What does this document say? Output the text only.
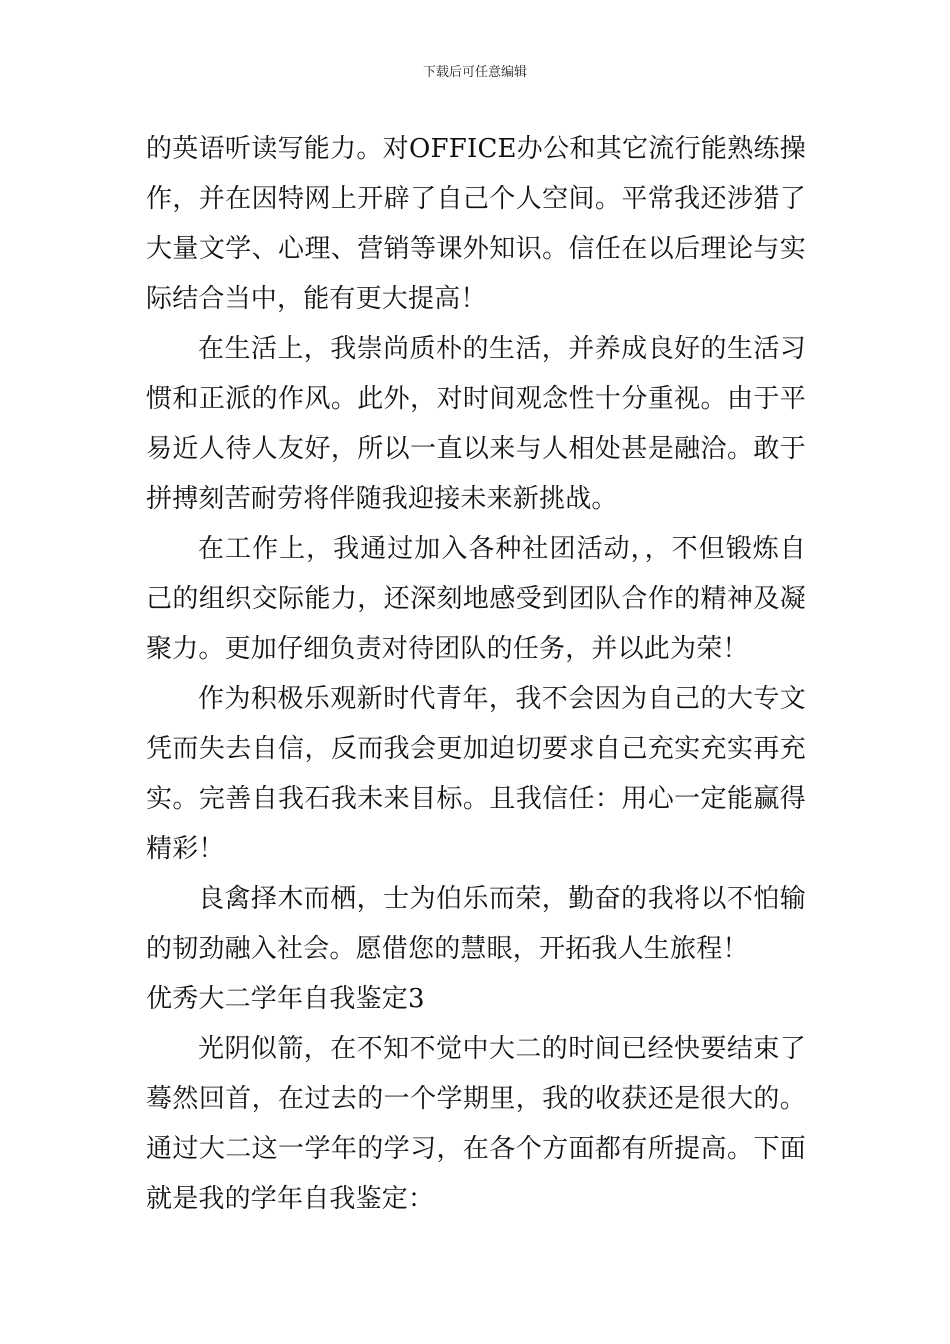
下载后可任意编辑

的英语听读写能力。对OFFICE办公和其它流行能熟练操作，并在因特网上开辟了自己个人空间。平常我还涉猎了大量文学、心理、营销等课外知识。信任在以后理论与实际结合当中，能有更大提高！

在生活上，我崇尚质朴的生活，并养成良好的生活习惯和正派的作风。此外，对时间观念性十分重视。由于平易近人待人友好，所以一直以来与人相处甚是融洽。敢于拼搏刻苦耐劳将伴随我迎接未来新挑战。

在工作上，我通过加入各种社团活动，，不但锻炼自己的组织交际能力，还深刻地感受到团队合作的精神及凝聚力。更加仔细负责对待团队的任务，并以此为荣！

作为积极乐观新时代青年，我不会因为自己的大专文凭而失去自信，反而我会更加迫切要求自己充实充实再充实。完善自我石我未来目标。且我信任：用心一定能赢得精彩！

良禽择木而栖，士为伯乐而荣，勤奋的我将以不怕输的韧劲融入社会。愿借您的慧眼，开拓我人生旅程！

优秀大二学年自我鉴定3

光阴似箭，在不知不觉中大二的时间已经快要结束了蓦然回首，在过去的一个学期里，我的收获还是很大的。通过大二这一学年的学习，在各个方面都有所提高。下面就是我的学年自我鉴定：
